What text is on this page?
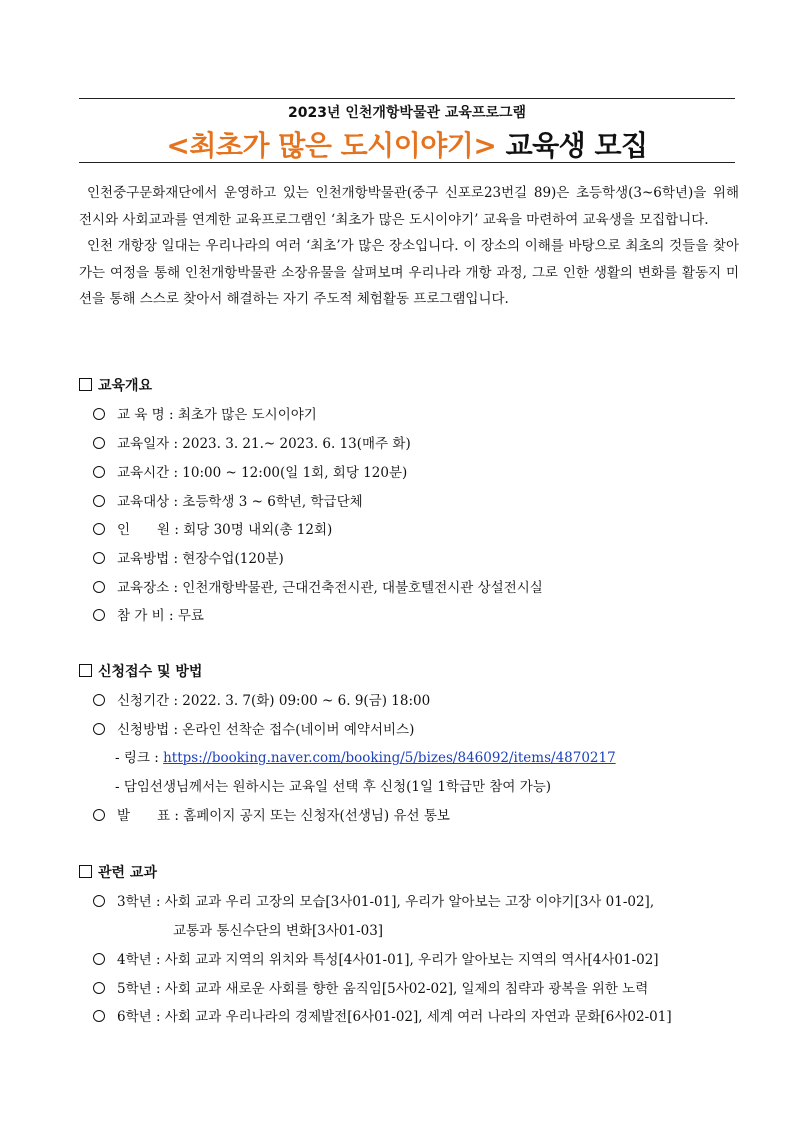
2023년 인천개항박물관 교육프로그램
<최초가 많은 도시이야기> 교육생 모집

인천중구문화재단에서 운영하고 있는 인천개항박물관(중구 신포로23번길 89)은 초등학생(3~6학년)을 위해 전시와 사회교과를 연계한 교육프로그램인 ‘최초가 많은 도시이야기’ 교육을 마련하여 교육생을 모집합니다.

인천 개항장 일대는 우리나라의 여러 ‘최초’가 많은 장소입니다. 이 장소의 이해를 바탕으로 최초의 것들을 찾아가는 여정을 통해 인천개항박물관 소장유물을 살펴보며 우리나라 개항 과정, 그로 인한 생활의 변화를 활동지 미션을 통해 스스로 찾아서 해결하는 자기 주도적 체험활동 프로그램입니다.

교육개요
교 육 명 : 최초가 많은 도시이야기
교육일자 : 2023. 3. 21.~ 2023. 6. 13(매주 화)
교육시간 : 10:00 ~ 12:00(일 1회, 회당 120분)
교육대상 : 초등학생 3 ~ 6학년, 학급단체
인　　원 : 회당 30명 내외(총 12회)
교육방법 : 현장수업(120분)
교육장소 : 인천개항박물관, 근대건축전시관, 대불호텔전시관 상설전시실
참 가 비 : 무료
신청접수 및 방법
신청기간 : 2022. 3. 7(화) 09:00 ~ 6. 9(금) 18:00
신청방법 : 온라인 선착순 접수(네이버 예약서비스)
- 링크 : https://booking.naver.com/booking/5/bizes/846092/items/4870217
- 담임선생님께서는 원하시는 교육일 선택 후 신청(1일 1학급만 참여 가능)
발　　표 : 홈페이지 공지 또는 신청자(선생님) 유선 통보
관련 교과
3학년 : 사회 교과 우리 고장의 모습[3사01-01], 우리가 알아보는 고장 이야기[3사 01-02],
교통과 통신수단의 변화[3사01-03]
4학년 : 사회 교과 지역의 위치와 특성[4사01-01], 우리가 알아보는 지역의 역사[4사01-02]
5학년 : 사회 교과 새로운 사회를 향한 움직임[5사02-02], 일제의 침략과 광복을 위한 노력
6학년 : 사회 교과 우리나라의 경제발전[6사01-02], 세계 여러 나라의 자연과 문화[6사02-01]
